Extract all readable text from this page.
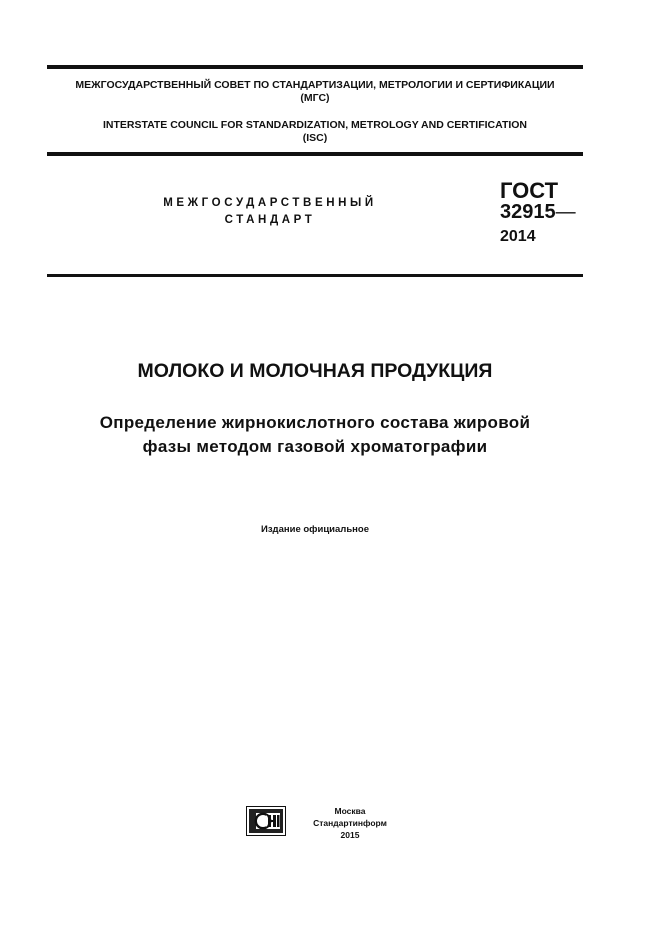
МЕЖГОСУДАРСТВЕННЫЙ СОВЕТ ПО СТАНДАРТИЗАЦИИ, МЕТРОЛОГИИ И СЕРТИФИКАЦИИ
(МГС)
INTERSTATE COUNCIL FOR STANDARDIZATION, METROLOGY AND CERTIFICATION
(ISC)
МЕЖГОСУДАРСТВЕННЫЙ
СТАНДАРТ
ГОСТ
32915—
2014
МОЛОКО И МОЛОЧНАЯ ПРОДУКЦИЯ
Определение жирнокислотного состава жировой
фазы методом газовой хроматографии
Издание официальное
Москва
Стандартинформ
2015
